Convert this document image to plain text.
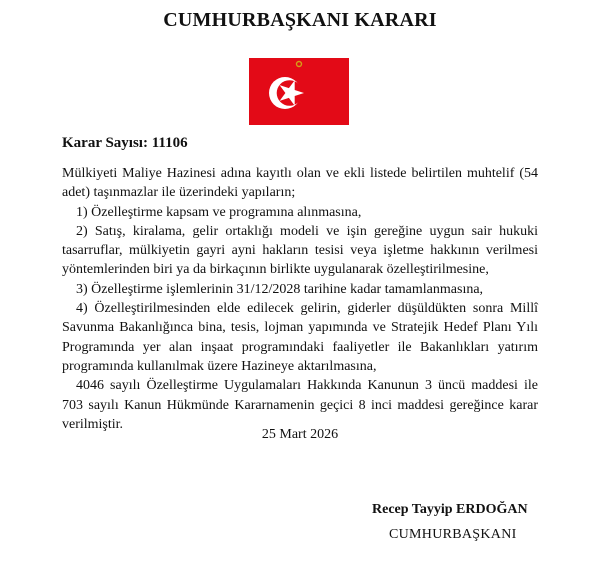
CUMHURBAŞKANI KARARI
Karar Sayısı: 11106

Mülkiyeti Maliye Hazinesi adına kayıtlı olan ve ekli listede belirtilen muhtelif (54 adet) taşınmazlar ile üzerindeki yapıların;

1) Özelleştirme kapsam ve programına alınmasına,

2) Satış, kiralama, gelir ortaklığı modeli ve işin gereğine uygun sair hukuki tasarruflar, mülkiyetin gayri ayni hakların tesisi veya işletme hakkının verilmesi yöntemlerinden biri ya da birkaçının birlikte uygulanarak özelleştirilmesine,

3) Özelleştirme işlemlerinin 31/12/2028 tarihine kadar tamamlanmasına,

4) Özelleştirilmesinden elde edilecek gelirin, giderler düşüldükten sonra Millî Savunma Bakanlığınca bina, tesis, lojman yapımında ve Stratejik Hedef Planı Yılı Programında yer alan inşaat programındaki faaliyetler ile Bakanlıkları yatırım programında kullanılmak üzere Hazineye aktarılmasına,

4046 sayılı Özelleştirme Uygulamaları Hakkında Kanunun 3 üncü maddesi ile 703 sayılı Kanun Hükmünde Kararnamenin geçici 8 inci maddesi gereğince karar verilmiştir.

25 Mart 2026
Recep Tayyip ERDOĞAN
CUMHURBAŞKANI
